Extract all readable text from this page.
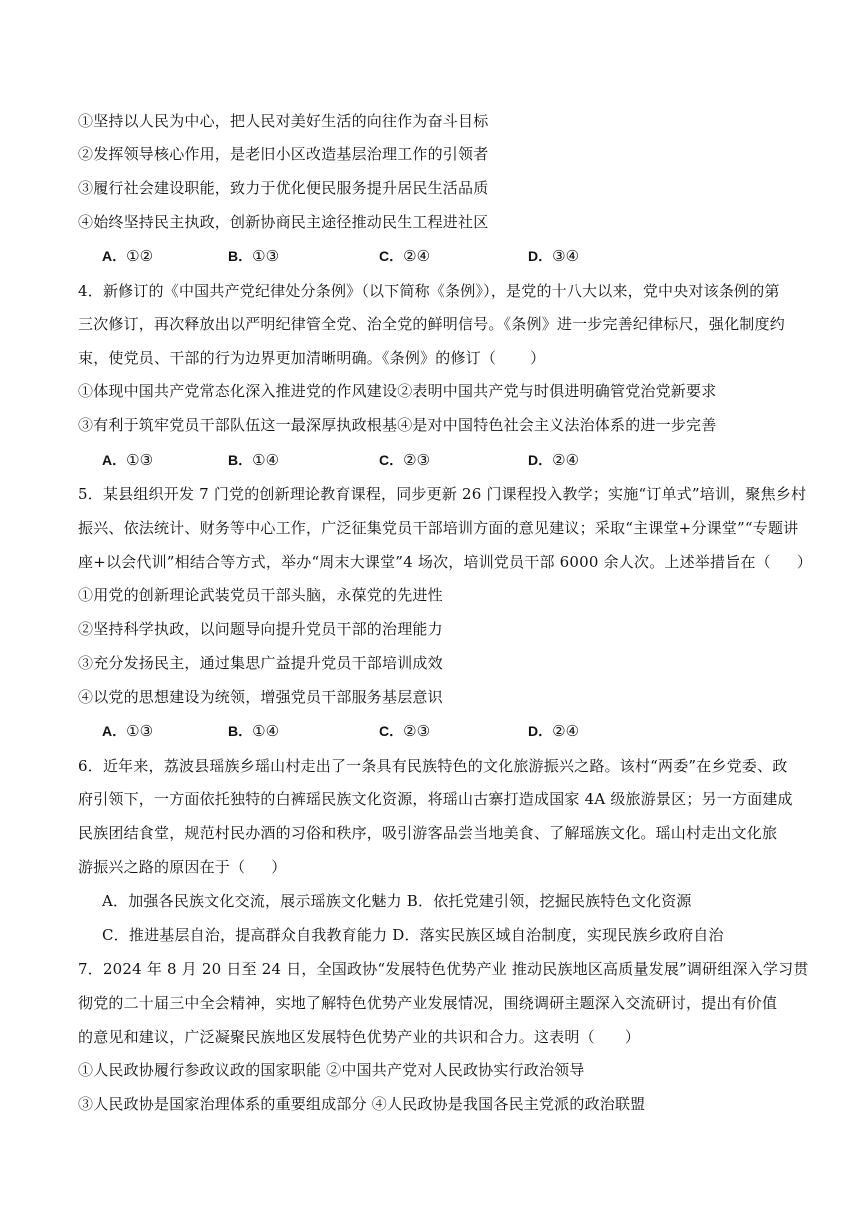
①坚持以人民为中心，把人民对美好生活的向往作为奋斗目标
②发挥领导核心作用，是老旧小区改造基层治理工作的引领者
③履行社会建设职能，致力于优化便民服务提升居民生活品质
④始终坚持民主执政，创新协商民主途径推动民生工程进社区
A．①②	B．①③	C．②④	D．③④
4．新修订的《中国共产党纪律处分条例》（以下简称《条例》），是党的十八大以来，党中央对该条例的第
三次修订，再次释放出以严明纪律管全党、治全党的鲜明信号。《条例》进一步完善纪律标尺，强化制度约
束，使党员、干部的行为边界更加清晰明确。《条例》的修订（ ）
①体现中国共产党常态化深入推进党的作风建设②表明中国共产党与时俱进明确管党治党新要求
③有利于筑牢党员干部队伍这一最深厚执政根基④是对中国特色社会主义法治体系的进一步完善
A．①③	B．①④	C．②③	D．②④
5．某县组织开发 7 门党的创新理论教育课程，同步更新 26 门课程投入教学；实施“订单式”培训，聚焦乡村
振兴、依法统计、财务等中心工作，广泛征集党员干部培训方面的意见建议；采取“主课堂+分课堂”“专题讲
座+以会代训”相结合等方式，举办“周末大课堂”4 场次，培训党员干部 6000 余人次。上述举措旨在（ ）
①用党的创新理论武装党员干部头脑，永葆党的先进性
②坚持科学执政，以问题导向提升党员干部的治理能力
③充分发扬民主，通过集思广益提升党员干部培训成效
④以党的思想建设为统领，增强党员干部服务基层意识
A．①③	B．①④	C．②③	D．②④
6．近年来，荔波县瑶族乡瑶山村走出了一条具有民族特色的文化旅游振兴之路。该村“两委”在乡党委、政
府引领下，一方面依托独特的白裤瑶民族文化资源，将瑶山古寨打造成国家 4A 级旅游景区；另一方面建成
民族团结食堂，规范村民办酒的习俗和秩序，吸引游客品尝当地美食、了解瑶族文化。瑶山村走出文化旅
游振兴之路的原因在于（ ）
A．加强各民族文化交流，展示瑶族文化魅力 B．依托党建引领，挖掘民族特色文化资源
C．推进基层自治，提高群众自我教育能力 D．落实民族区域自治制度，实现民族乡政府自治
7．2024 年 8 月 20 日至 24 日，全国政协“发展特色优势产业 推动民族地区高质量发展”调研组深入学习贯
彻党的二十届三中全会精神，实地了解特色优势产业发展情况，围绕调研主题深入交流研讨，提出有价值
的意见和建议，广泛凝聚民族地区发展特色优势产业的共识和合力。这表明（ ）
①人民政协履行参政议政的国家职能 ②中国共产党对人民政协实行政治领导
③人民政协是国家治理体系的重要组成部分 ④人民政协是我国各民主党派的政治联盟
